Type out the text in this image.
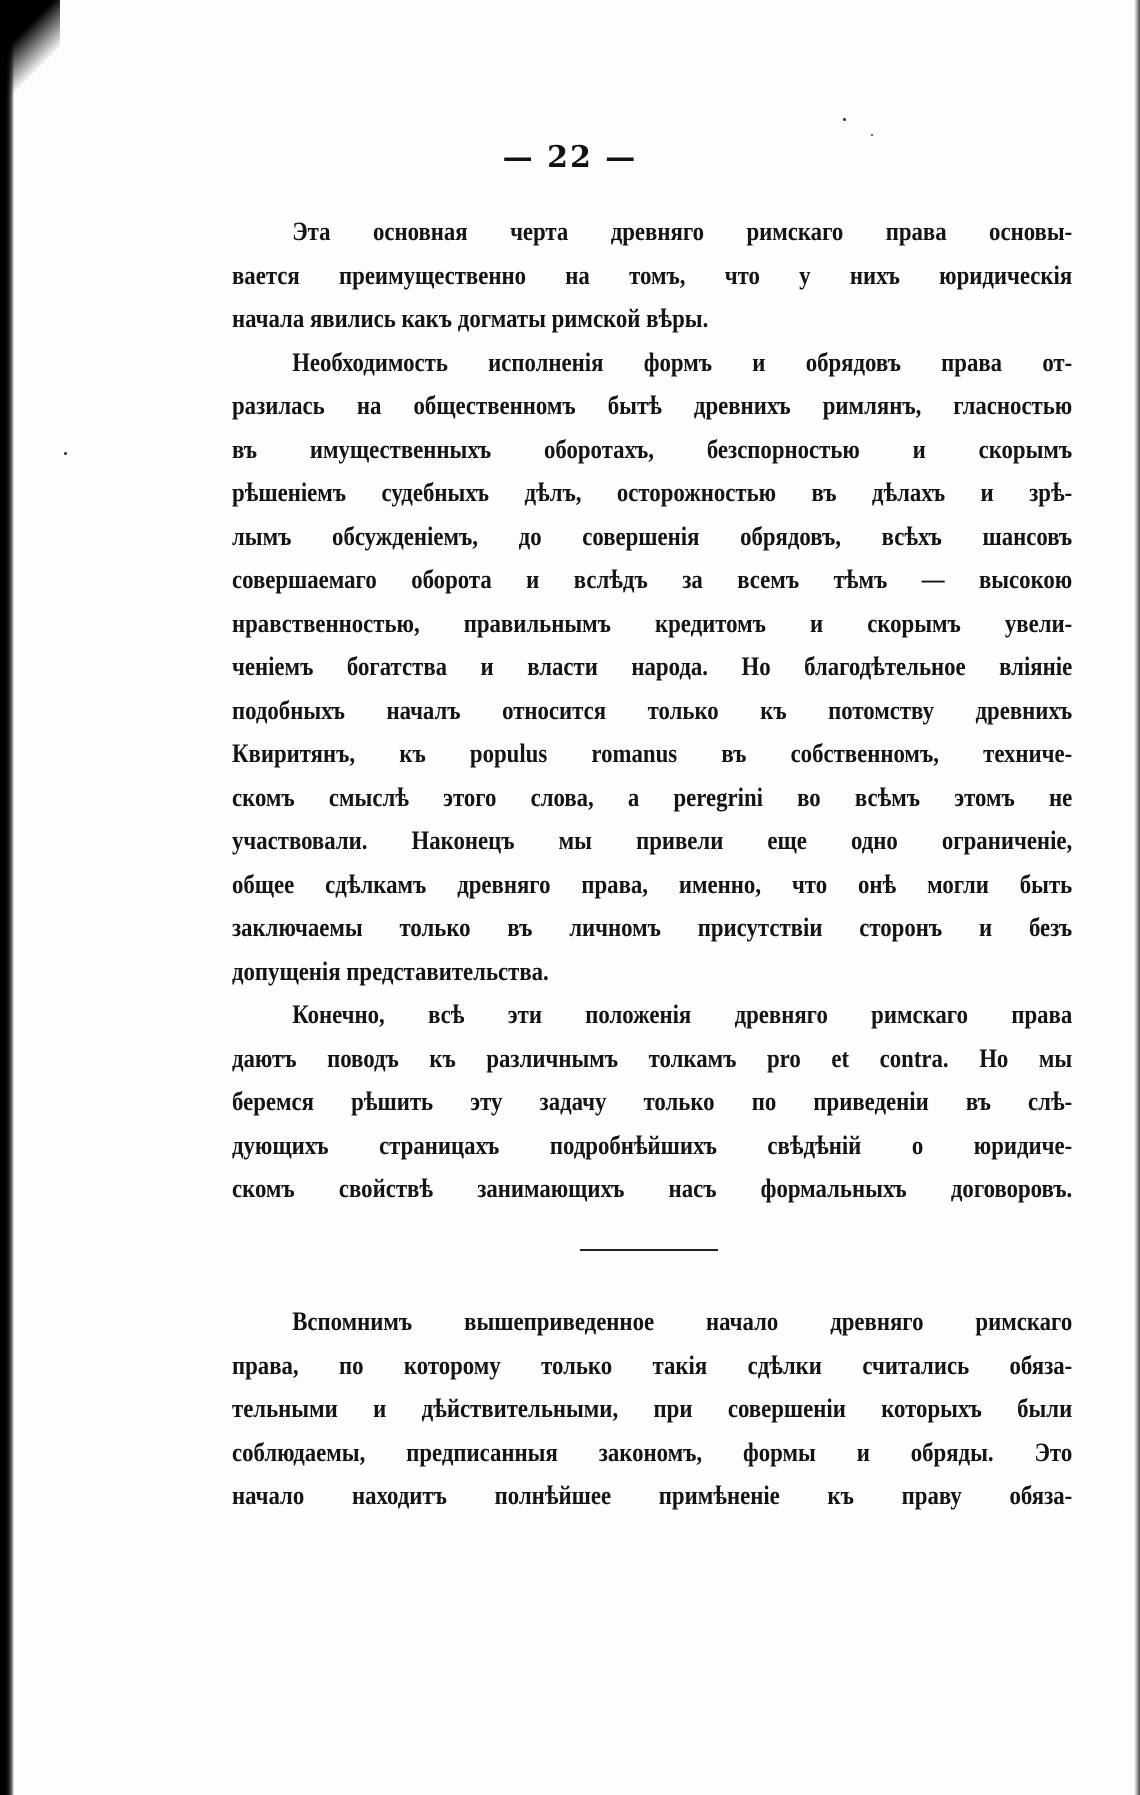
— 22 —
Эта основная черта древняго римскаго права основы-
вается преимущественно на томъ, что у нихъ юридическія
начала явились какъ догматы римской вѣры.
Необходимость исполненія формъ и обрядовъ права от-
разилась на общественномъ бытѣ древнихъ римлянъ, гласностью
въ имущественныхъ оборотахъ, безспорностью и скорымъ
рѣшеніемъ судебныхъ дѣлъ, осторожностью въ дѣлахъ и зрѣ-
лымъ обсужденіемъ, до совершенія обрядовъ, всѣхъ шансовъ
совершаемаго оборота и вслѣдъ за всемъ тѣмъ — высокою
нравственностью, правильнымъ кредитомъ и скорымъ увели-
ченіемъ богатства и власти народа. Но благодѣтельное вліяніе
подобныхъ началъ относится только къ потомству древнихъ
Квиритянъ, къ populus romanus въ собственномъ, техниче-
скомъ смыслѣ этого слова, а peregrini во всѣмъ этомъ не
участвовали. Наконецъ мы привели еще одно ограниченіе,
общее сдѣлкамъ древняго права, именно, что онѣ могли быть
заключаемы только въ личномъ присутствіи сторонъ и безъ
допущенія представительства.
Конечно, всѣ эти положенія древняго римскаго права
даютъ поводъ къ различнымъ толкамъ pro et contra. Но мы
беремся рѣшить эту задачу только по приведеніи въ слѣ-
дующихъ страницахъ подробнѣйшихъ свѣдѣній о юридиче-
скомъ свойствѣ занимающихъ насъ формальныхъ договоровъ.
Вспомнимъ вышеприведенное начало древняго римскаго
права, по которому только такія сдѣлки считались обяза-
тельными и дѣйствительными, при совершеніи которыхъ были
соблюдаемы, предписанныя закономъ, формы и обряды. Это
начало находитъ полнѣйшее примѣненіе къ праву обяза-
